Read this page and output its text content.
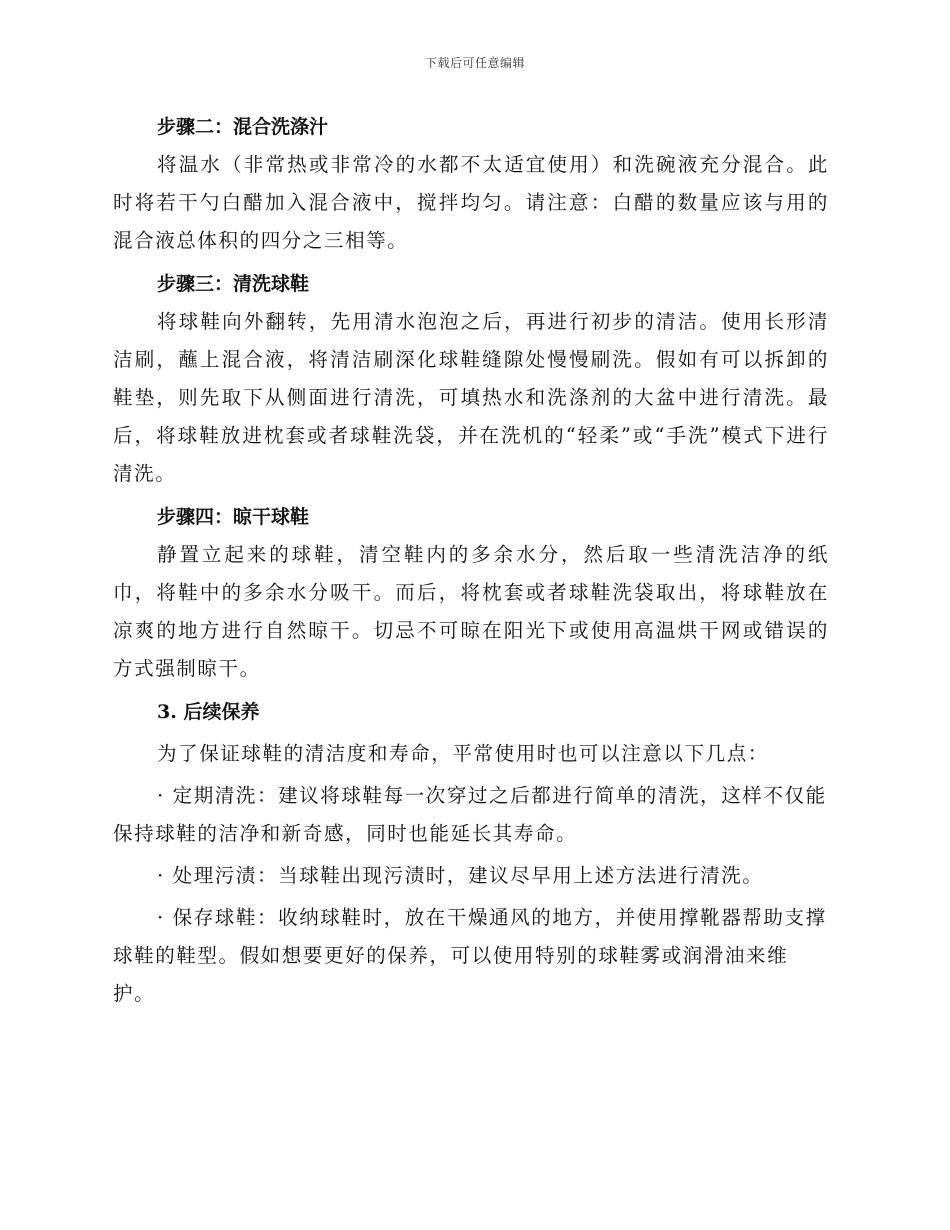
下载后可任意编辑

步骤二：混合洗涤汁

将温水（非常热或非常冷的水都不太适宜使用）和洗碗液充分混合。此时将若干勺白醋加入混合液中，搅拌均匀。请注意：白醋的数量应该与用的混合液总体积的四分之三相等。

步骤三：清洗球鞋

将球鞋向外翻转，先用清水泡泡之后，再进行初步的清洁。使用长形清洁刷，蘸上混合液，将清洁刷深化球鞋缝隙处慢慢刷洗。假如有可以拆卸的鞋垫，则先取下从侧面进行清洗，可填热水和洗涤剂的大盆中进行清洗。最后，将球鞋放进枕套或者球鞋洗袋，并在洗机的“轻柔”或“手洗”模式下进行清洗。

步骤四：晾干球鞋

静置立起来的球鞋，清空鞋内的多余水分，然后取一些清洗洁净的纸巾，将鞋中的多余水分吸干。而后，将枕套或者球鞋洗袋取出，将球鞋放在凉爽的地方进行自然晾干。切忌不可晾在阳光下或使用高温烘干网或错误的方式强制晾干。

3. 后续保养

为了保证球鞋的清洁度和寿命，平常使用时也可以注意以下几点：

· 定期清洗：建议将球鞋每一次穿过之后都进行简单的清洗，这样不仅能保持球鞋的洁净和新奇感，同时也能延长其寿命。

· 处理污渍：当球鞋出现污渍时，建议尽早用上述方法进行清洗。

· 保存球鞋：收纳球鞋时，放在干燥通风的地方，并使用撑靴器帮助支撑球鞋的鞋型。假如想要更好的保养，可以使用特别的球鞋雾或润滑油来维护。
